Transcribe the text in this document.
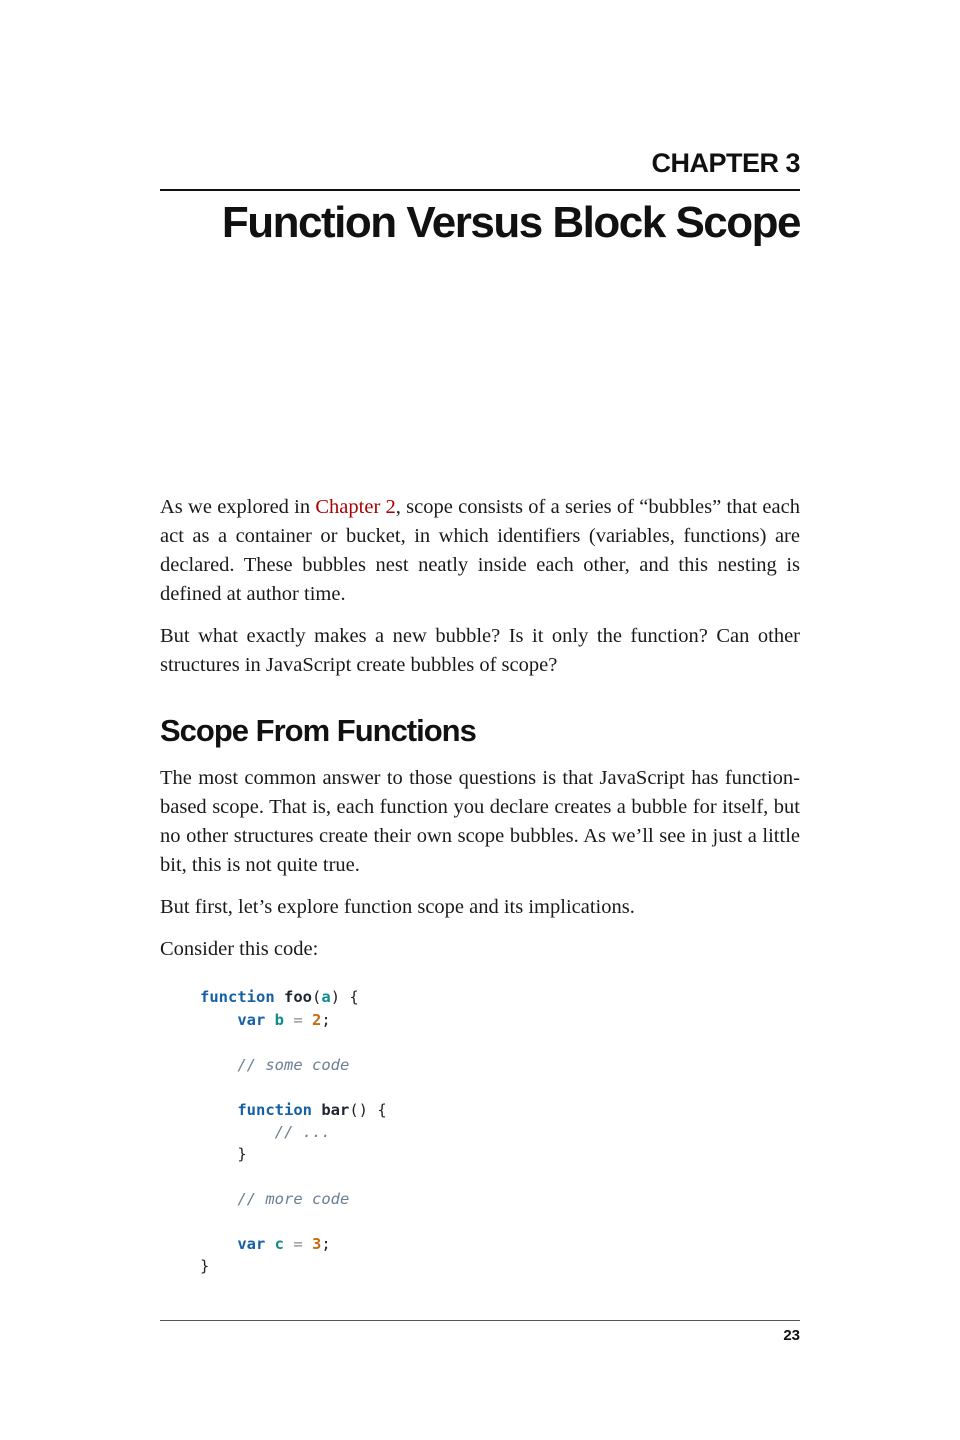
CHAPTER 3
Function Versus Block Scope

As we explored in Chapter 2, scope consists of a series of “bubbles” that each act as a container or bucket, in which identifiers (variables, functions) are declared. These bubbles nest neatly inside each other, and this nesting is defined at author time.

But what exactly makes a new bubble? Is it only the function? Can other structures in JavaScript create bubbles of scope?

Scope From Functions

The most common answer to those questions is that JavaScript has function-based scope. That is, each function you declare creates a bubble for itself, but no other structures create their own scope bubbles. As we’ll see in just a little bit, this is not quite true.

But first, let’s explore function scope and its implications.

Consider this code:

function foo(a) {
var b = 2;

// some code

function bar() {
// ...
}

// more code

var c = 3;
}
23
